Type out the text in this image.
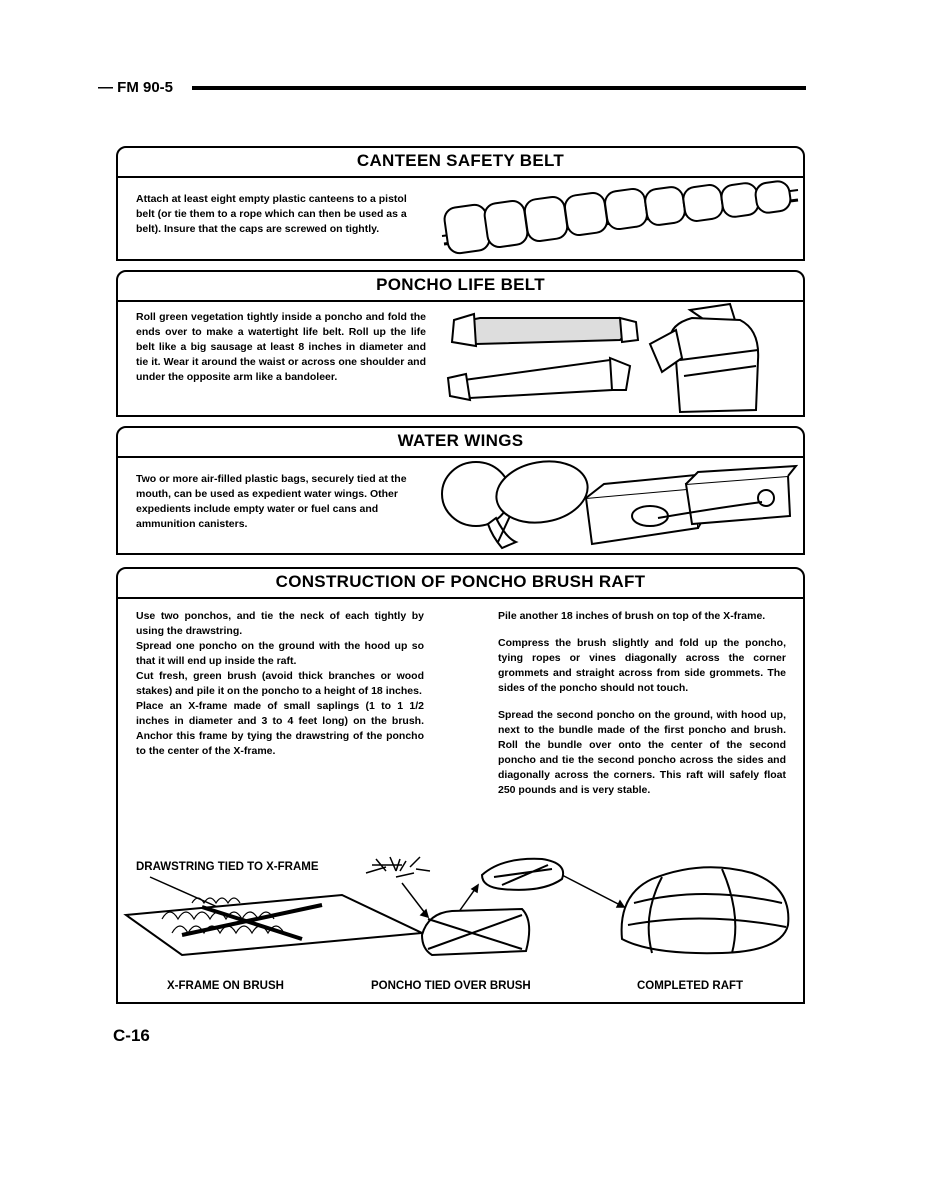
— FM 90-5
CANTEEN SAFETY BELT

Attach at least eight empty plastic canteens to a pistol belt (or tie them to a rope which can then be used as a belt). Insure that the caps are screwed on tightly.

PONCHO LIFE BELT

Roll green vegetation tightly inside a poncho and fold the ends over to make a watertight life belt. Roll up the life belt like a big sausage at least 8 inches in diameter and tie it. Wear it around the waist or across one shoulder and under the opposite arm like a bandoleer.

WATER WINGS

Two or more air-filled plastic bags, securely tied at the mouth, can be used as expedient water wings. Other expedients include empty water or fuel cans and ammunition canisters.

CONSTRUCTION OF PONCHO BRUSH RAFT

Use two ponchos, and tie the neck of each tightly by using the drawstring.

Spread one poncho on the ground with the hood up so that it will end up inside the raft.

Cut fresh, green brush (avoid thick branches or wood stakes) and pile it on the poncho to a height of 18 inches.

Place an X-frame made of small saplings (1 to 1 1/2 inches in diameter and 3 to 4 feet long) on the brush. Anchor this frame by tying the drawstring of the poncho to the center of the X-frame.

Pile another 18 inches of brush on top of the X-frame.

Compress the brush slightly and fold up the poncho, tying ropes or vines diagonally across the corner grommets and straight across from side grommets. The sides of the poncho should not touch.

Spread the second poncho on the ground, with hood up, next to the bundle made of the first poncho and brush. Roll the bundle over onto the center of the second poncho and tie the second poncho across the sides and diagonally across the corners. This raft will safely float 250 pounds and is very stable.

DRAWSTRING TIED TO X-FRAME
X-FRAME ON BRUSH	PONCHO TIED OVER BRUSH	COMPLETED RAFT
C-16
